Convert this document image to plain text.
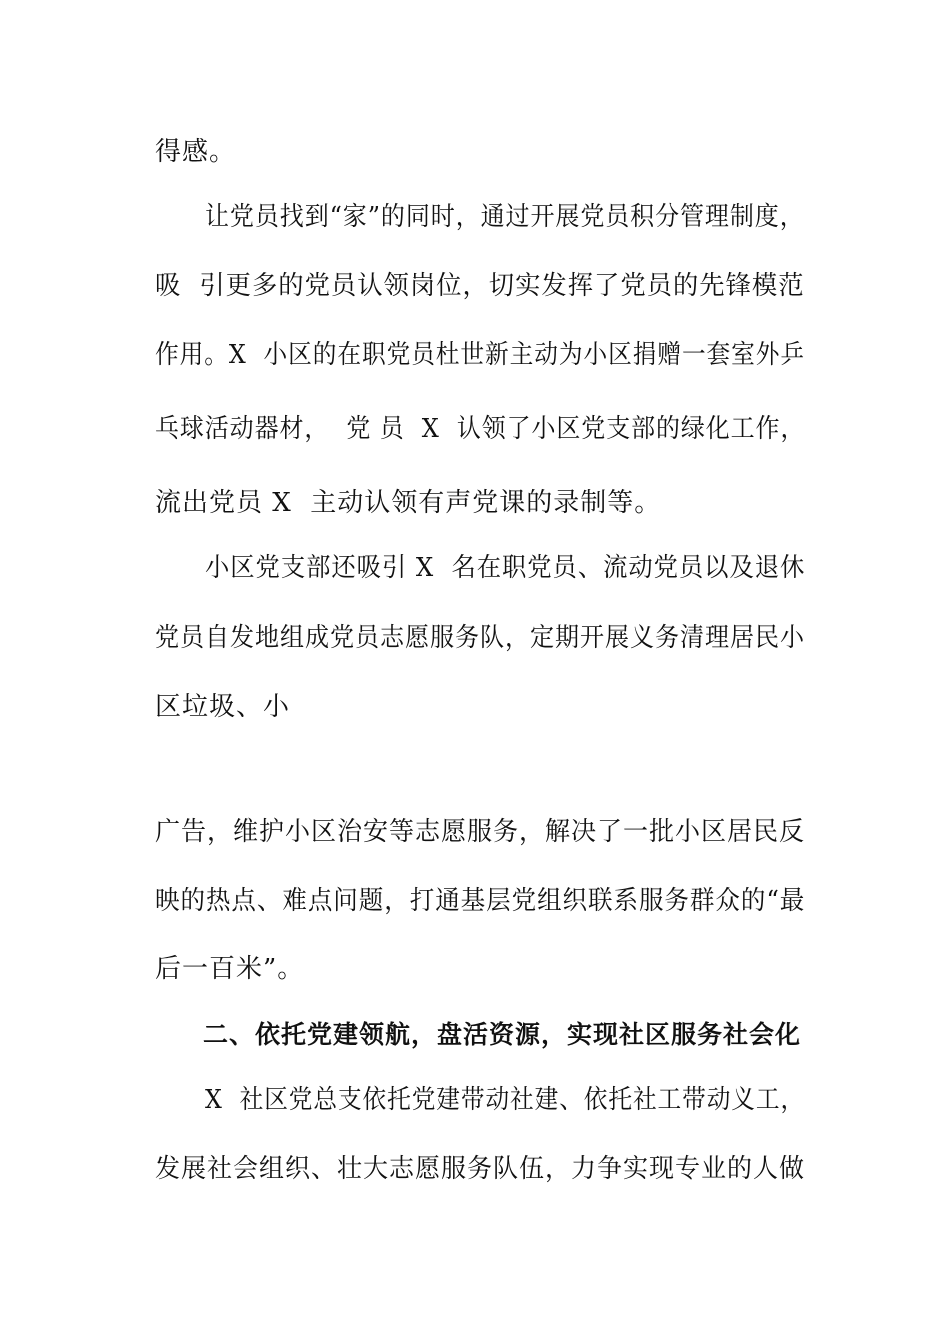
得感。
让党员找到“家”的同时，通过开展党员积分管理制度，
吸  引更多的党员认领岗位，切实发挥了党员的先锋模范
作用。X  小区的在职党员杜世新主动为小区捐赠一套室外乒
乓球活动器材，  党 员  X  认领了小区党支部的绿化工作，
流出党员 X  主动认领有声党课的录制等。
小区党支部还吸引 X  名在职党员、流动党员以及退休
党员自发地组成党员志愿服务队，定期开展义务清理居民小
区垃圾、小
广告，维护小区治安等志愿服务，解决了一批小区居民反
映的热点、难点问题，打通基层党组织联系服务群众的“最
后一百米”。
二、依托党建领航，盘活资源，实现社区服务社会化
X  社区党总支依托党建带动社建、依托社工带动义工，
发展社会组织、壮大志愿服务队伍，力争实现专业的人做
